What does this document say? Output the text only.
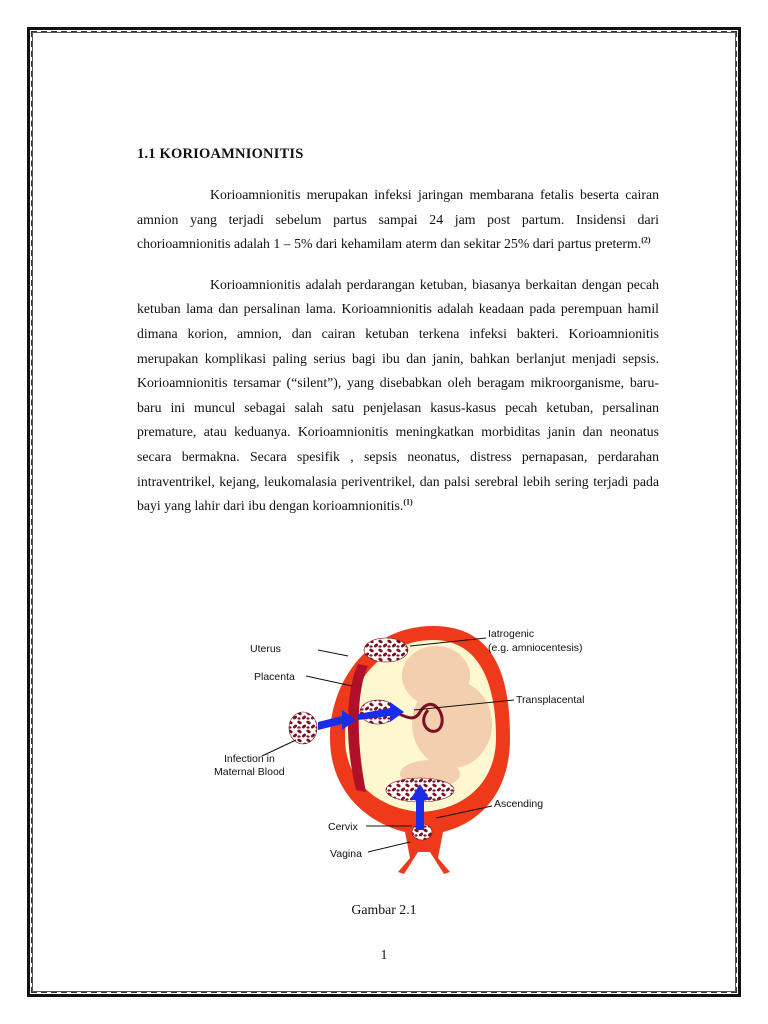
1.1 KORIOAMNIONITIS

Korioamnionitis merupakan infeksi jaringan membarana fetalis beserta cairan amnion yang terjadi sebelum partus sampai 24 jam post partum. Insidensi dari chorioamnionitis adalah 1 – 5% dari kehamilam aterm dan sekitar 25% dari partus preterm.$^{(2)}$

Korioamnionitis adalah perdarangan ketuban, biasanya berkaitan dengan pecah ketuban lama dan persalinan lama. Korioamnionitis adalah keadaan pada perempuan hamil dimana korion, amnion, dan cairan ketuban terkena infeksi bakteri. Korioamnionitis merupakan komplikasi paling serius bagi ibu dan janin, bahkan berlanjut menjadi sepsis. Korioamnionitis tersamar (“silent”), yang disebabkan oleh beragam mikroorganisme, baru-baru ini muncul sebagai salah satu penjelasan kasus-kasus pecah ketuban, persalinan premature, atau keduanya. Korioamnionitis meningkatkan morbiditas janin dan neonatus secara bermakna. Secara spesifik , sepsis neonatus, distress pernapasan, perdarahan intraventrikel, kejang, leukomalasia periventrikel, dan palsi serebral lebih sering terjadi pada bayi yang lahir dari ibu dengan korioamnionitis.$^{(1)}$

Uterus
Placenta
Infection in
Maternal Blood
Cervix
Vagina
Iatrogenic
(e.g. amniocentesis)
Transplacental
Ascending
Gambar 2.1
1
